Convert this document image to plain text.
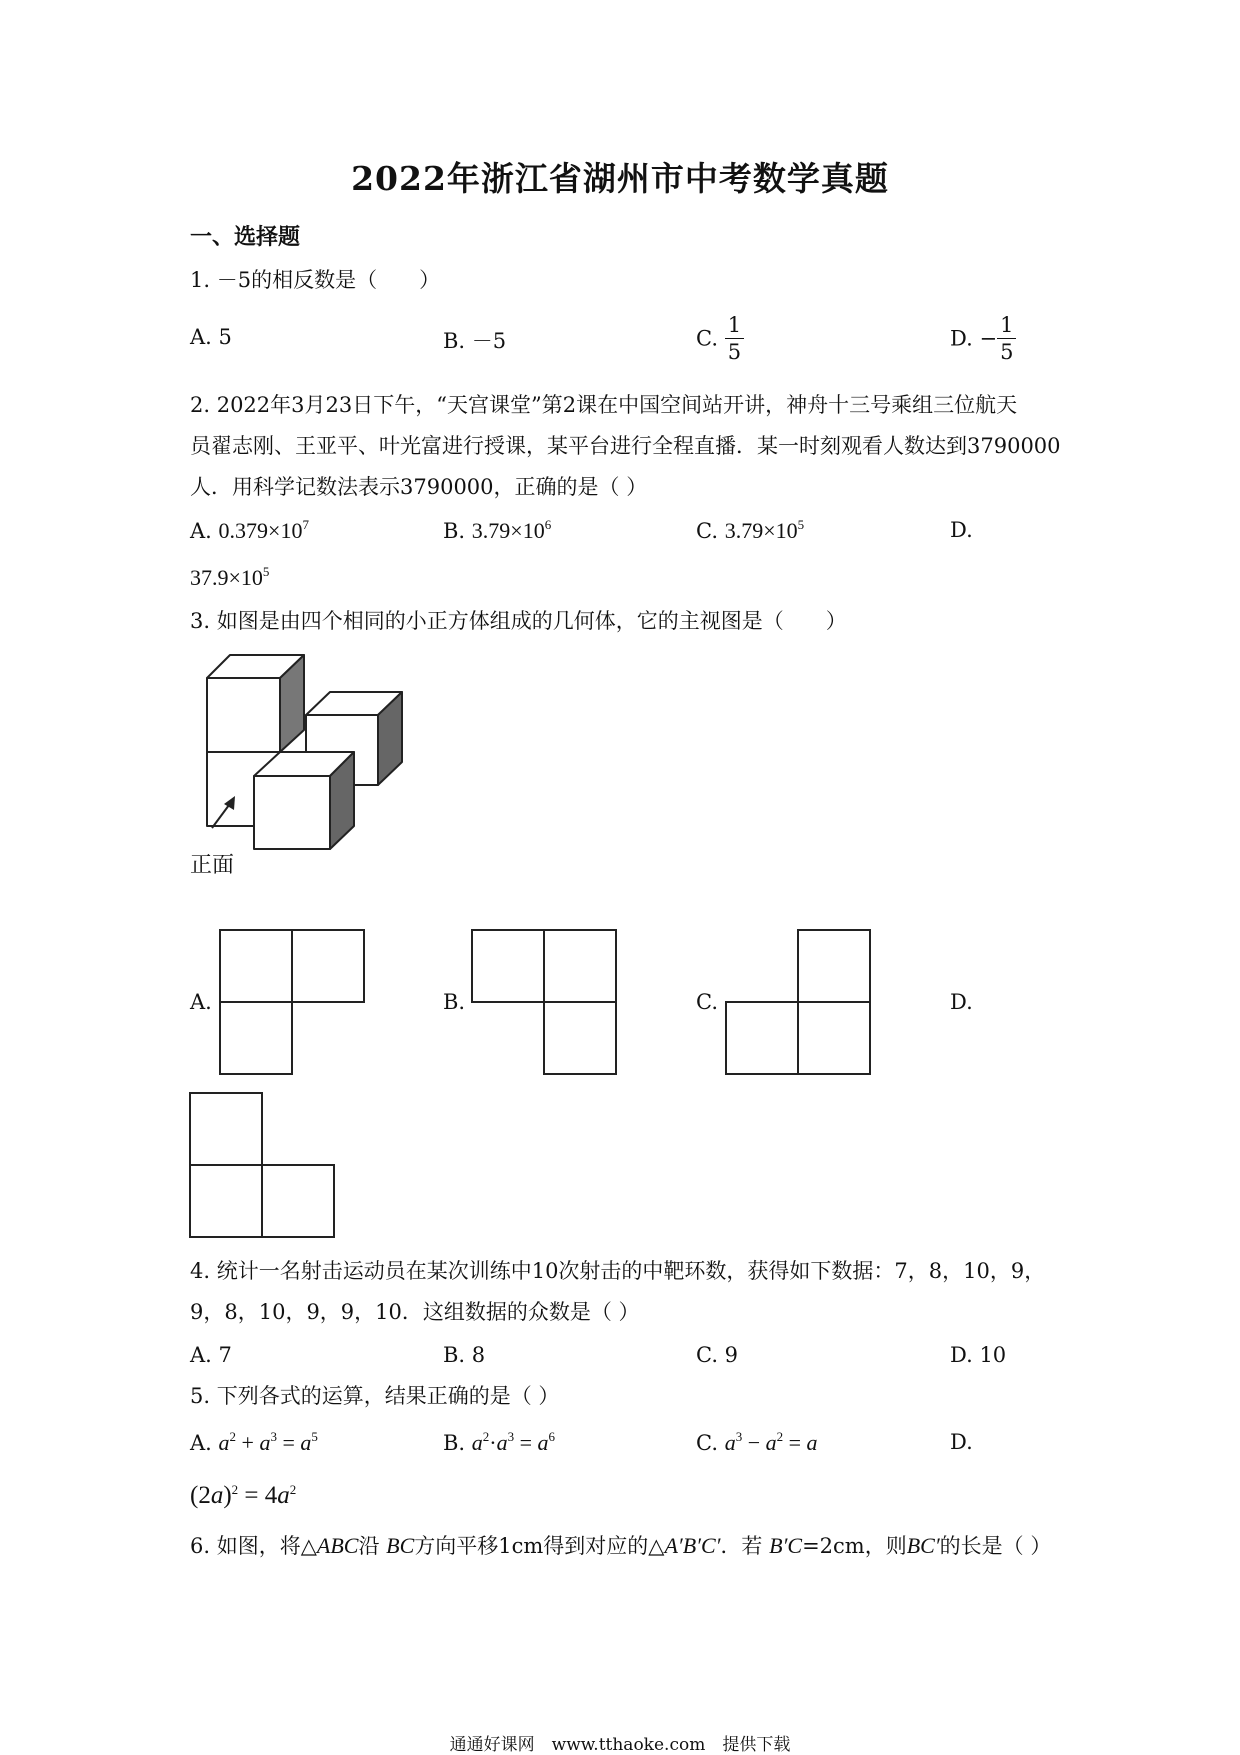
2022年浙江省湖州市中考数学真题
一、选择题
1. －5的相反数是（　　）
A. 5	B. －5	C. $\frac{1}{5}$	D. − $\frac{1}{5}$
2. 2022年3月23日下午，“天宫课堂”第2课在中国空间站开讲，神舟十三号乘组三位航天
员翟志刚、王亚平、叶光富进行授课，某平台进行全程直播．某一时刻观看人数达到3790000
人．用科学记数法表示3790000，正确的是（ ）
A. $0.379\times 10^7$	B. $3.79\times 10^6$	C. $3.79\times 10^5$	D.
$37.9\times 10^5$
3. 如图是由四个相同的小正方体组成的几何体，它的主视图是（　　）
正面
A.	B.	C.	D.
4. 统计一名射击运动员在某次训练中10次射击的中靶环数，获得如下数据：7，8，10，9，
9，8，10，9，9，10．这组数据的众数是（ ）
A. 7	B. 8	C. 9	D. 10
5. 下列各式的运算，结果正确的是（ ）
A. $a^2 + a^3 = a^5$	B. $a^2\cdot a^3 = a^6$	C. $a^3 - a^2 = a$	D.
$(2a)^2 = 4a^2$
6. 如图，将△ABC沿 BC方向平移1cm得到对应的△A′B′C′．若 B′C=2cm，则BC′的长是（ ）
通通好课网　www.tthaoke.com　提供下载
